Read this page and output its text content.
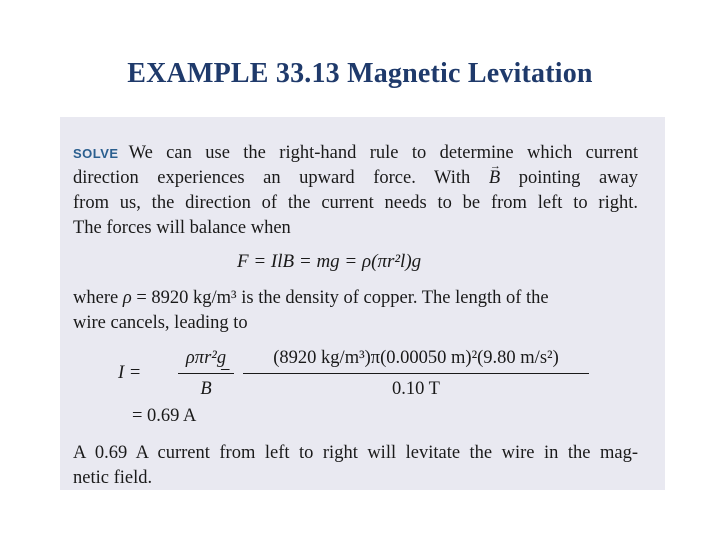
EXAMPLE 33.13 Magnetic Levitation
SOLVE We can use the right-hand rule to determine which current
direction experiences an upward force. With → B pointing away
from us, the direction of the current needs to be from left to right.
The forces will balance when
F = IlB = mg = ρ(πr²l)g
where ρ = 8920 kg/m³ is the density of copper. The length of the
wire cancels, leading to
I =
ρπr²g
B
=
(8920 kg/m³)π(0.00050 m)²(9.80 m/s²)
0.10 T
= 0.69 A
A 0.69 A current from left to right will levitate the wire in the mag-
netic field.
